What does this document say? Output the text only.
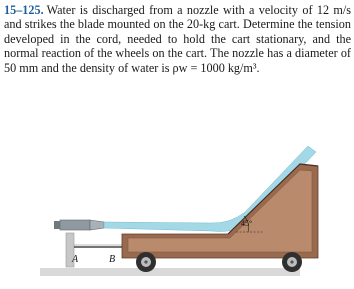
15–125. Water is discharged from a nozzle with a velocity of 12 m/s and strikes the blade mounted on the 20-kg cart. Determine the tension developed in the cord, needed to hold the cart stationary, and the normal reaction of the wheels on the cart. The nozzle has a diameter of 50 mm and the density of water is ρw = 1000 kg/m³.
45°
A	B
